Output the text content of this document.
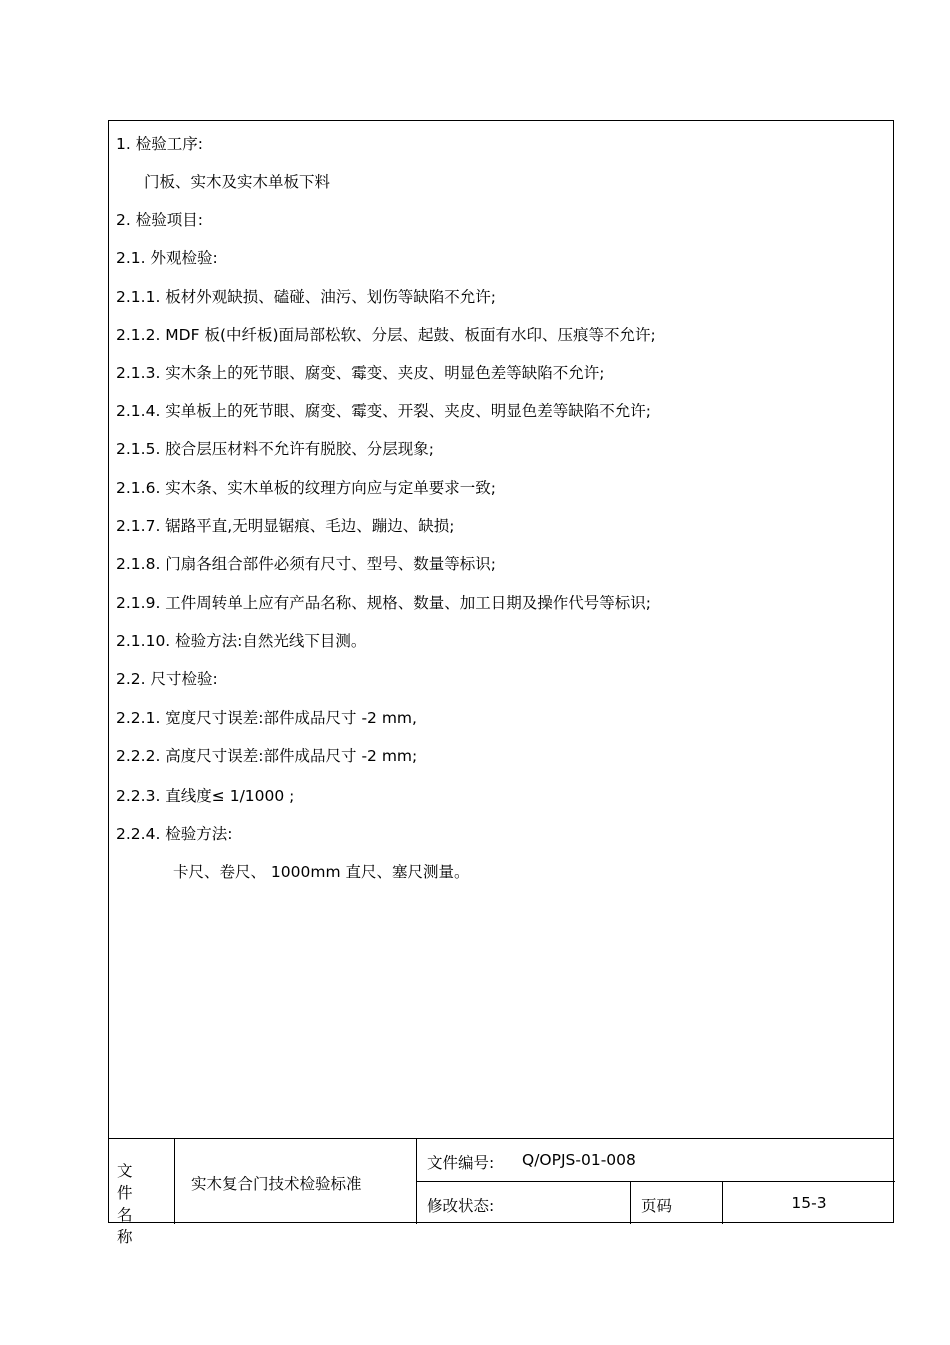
1. 检验工序:
门板、实木及实木单板下料
2. 检验项目:
2.1. 外观检验:
2.1.1. 板材外观缺损、磕碰、油污、划伤等缺陷不允许;
2.1.2. MDF 板(中纤板)面局部松软、分层、起鼓、板面有水印、压痕等不允许;
2.1.3. 实木条上的死节眼、腐变、霉变、夹皮、明显色差等缺陷不允许;
2.1.4. 实单板上的死节眼、腐变、霉变、开裂、夹皮、明显色差等缺陷不允许;
2.1.5. 胶合层压材料不允许有脱胶、分层现象;
2.1.6. 实木条、实木单板的纹理方向应与定单要求一致;
2.1.7. 锯路平直,无明显锯痕、毛边、蹦边、缺损;
2.1.8. 门扇各组合部件必须有尺寸、型号、数量等标识;
2.1.9. 工件周转单上应有产品名称、规格、数量、加工日期及操作代号等标识;
2.1.10. 检验方法:自然光线下目测。
2.2. 尺寸检验:
2.2.1. 宽度尺寸误差:部件成品尺寸 -2 mm,
2.2.2. 高度尺寸误差:部件成品尺寸 -2 mm;
2.2.3. 直线度≤ 1/1000 ;
2.2.4. 检验方法:
卡尺、卷尺、 1000mm 直尺、塞尺测量。
文件
名称
实木复合门技术检验标准
文件编号: Q/OPJS-01-008
修改状态:	页码	15-3
